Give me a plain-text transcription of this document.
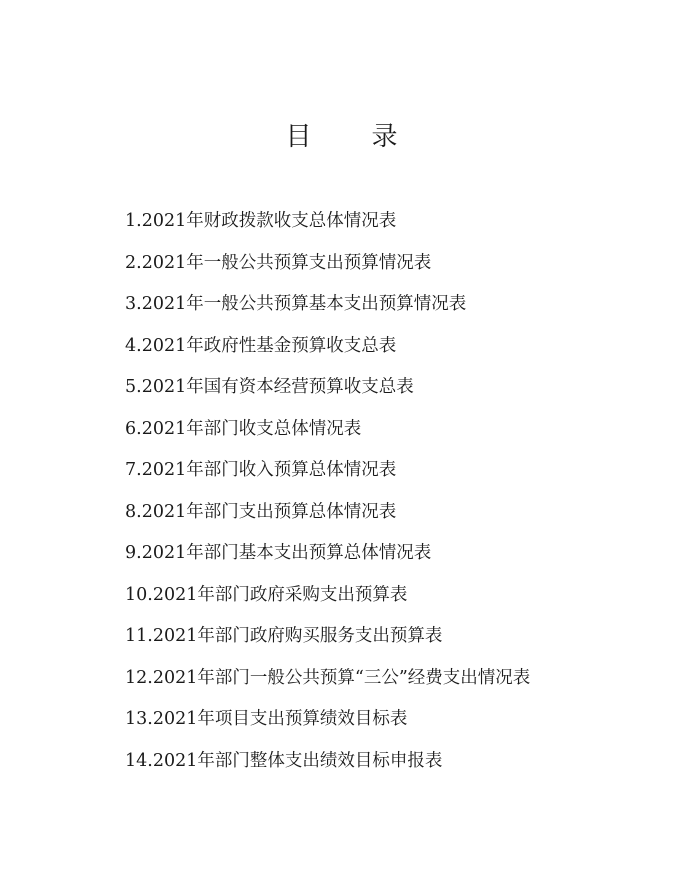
目 录
1.2021年财政拨款收支总体情况表
2.2021年一般公共预算支出预算情况表
3.2021年一般公共预算基本支出预算情况表
4.2021年政府性基金预算收支总表
5.2021年国有资本经营预算收支总表
6.2021年部门收支总体情况表
7.2021年部门收入预算总体情况表
8.2021年部门支出预算总体情况表
9.2021年部门基本支出预算总体情况表
10.2021年部门政府采购支出预算表
11.2021年部门政府购买服务支出预算表
12.2021年部门一般公共预算“三公”经费支出情况表
13.2021年项目支出预算绩效目标表
14.2021年部门整体支出绩效目标申报表
